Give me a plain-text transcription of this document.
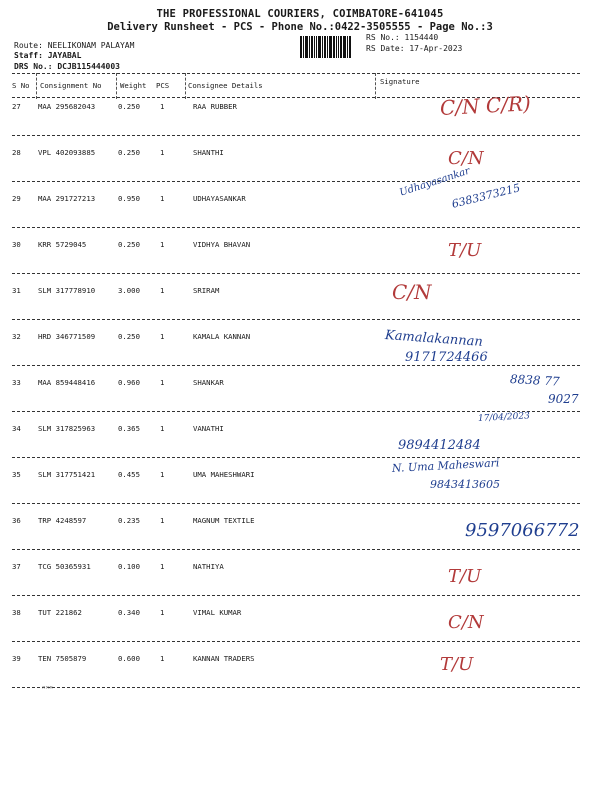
THE PROFESSIONAL COURIERS, COIMBATORE-641045
Delivery Runsheet - PCS - Phone No.:0422-3505555 - Page No.:3
Route: NEELIKONAM PALAYAM
Staff: JAYABAL
DRS No.: DCJB115444003
RS No.: 1154440
RS Date: 17-Apr-2023
S No Consignment No	Weight PCS	Consignee Details	Signature
27 MAA 295682043	0.250	1	RAA RUBBER	C/N C/R)
28 VPL 402093885	0.250	1	SHANTHI	C/N
29 MAA 291727213	0.950	1	UDHAYASANKAR	Udhayasankar
6383373215
30 KRR 5729045	0.250	1	VIDHYA BHAVAN	T/U
31 SLM 317778910	3.000	1	SRIRAM	C/N
32 HRD 346771509	0.250	1	KAMALA KANNAN	Kamalakannan
9171724466
33 MAA 859448416	0.960	1	SHANKAR	8838 77
9027
34 SLM 317825963	0.365	1	VANATHI
17/04/2023
9894412484
35 SLM 317751421	0.455	1	UMA MAHESHWARI	N. Uma Maheswari
9843413605
36 TRP 4248597	0.235	1	MAGNUM TEXTILE	9597066772
37 TCG 50365931	0.100	1	NATHIYA	T/U
38 TUT 221862	0.340	1	VIMAL KUMAR	C/N
39 TEN 7505879	0.600	1	KANNAN TRADERS	T/U
✕✕✕
